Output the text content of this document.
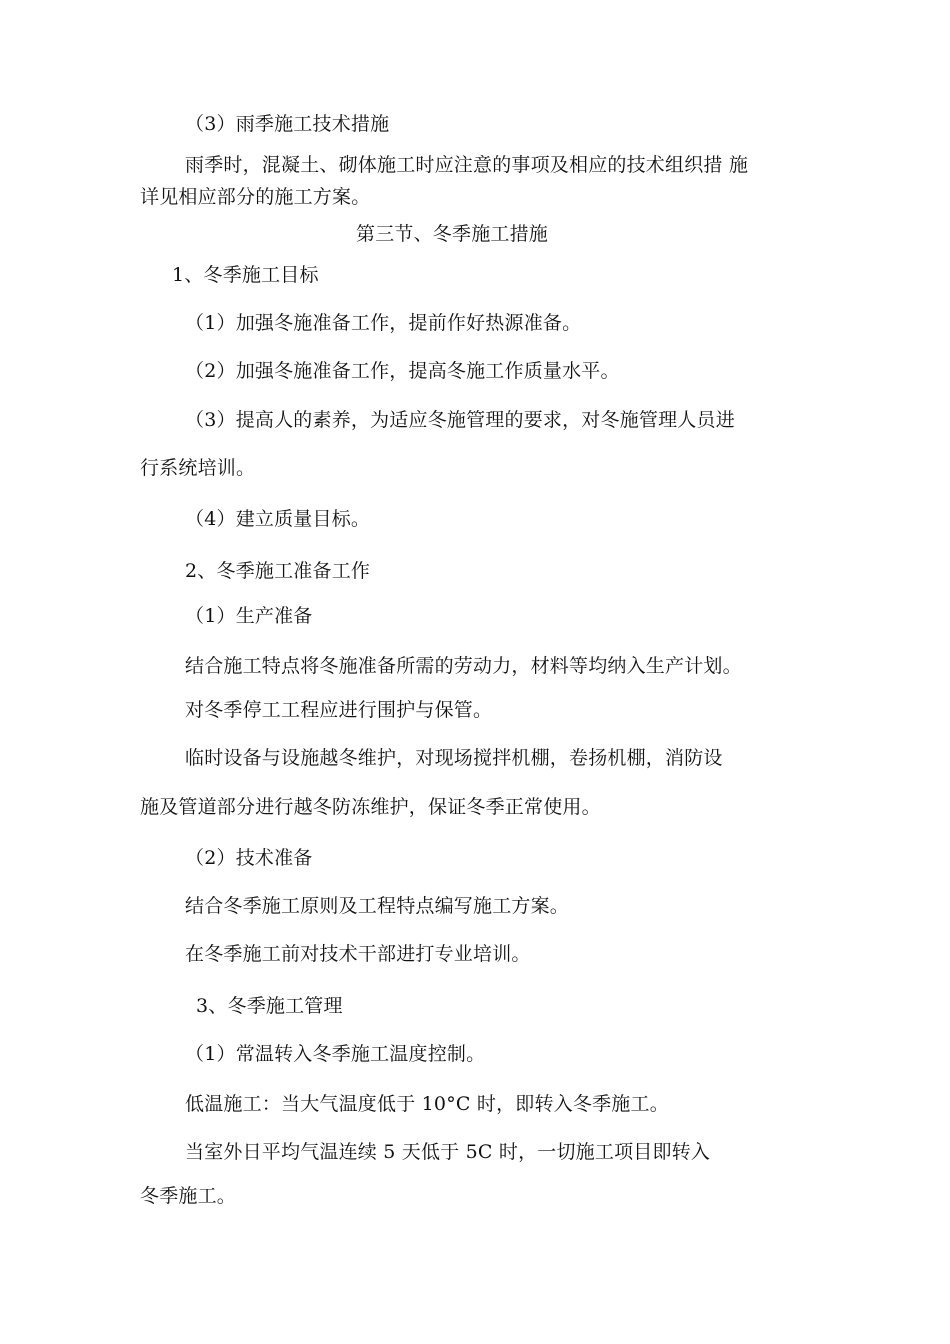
（3）雨季施工技术措施
雨季时，混凝土、砌体施工时应注意的事项及相应的技术组织措 施
详见相应部分的施工方案。
第三节、冬季施工措施
1、冬季施工目标
（1）加强冬施准备工作，提前作好热源准备。
（2）加强冬施准备工作，提高冬施工作质量水平。
（3）提高人的素养，为适应冬施管理的要求，对冬施管理人员进
行系统培训。
（4）建立质量目标。
2、冬季施工准备工作
（1）生产准备
结合施工特点将冬施准备所需的劳动力，材料等均纳入生产计划。
对冬季停工工程应进行围护与保管。
临时设备与设施越冬维护，对现场搅拌机棚，卷扬机棚，消防设
施及管道部分进行越冬防冻维护，保证冬季正常使用。
（2）技术准备
结合冬季施工原则及工程特点编写施工方案。
在冬季施工前对技术干部进打专业培训。
3、冬季施工管理
（1）常温转入冬季施工温度控制。
低温施工：当大气温度低于 10°C 时，即转入冬季施工。
当室外日平均气温连续 5 天低于 5C 时，一切施工项目即转入
冬季施工。
